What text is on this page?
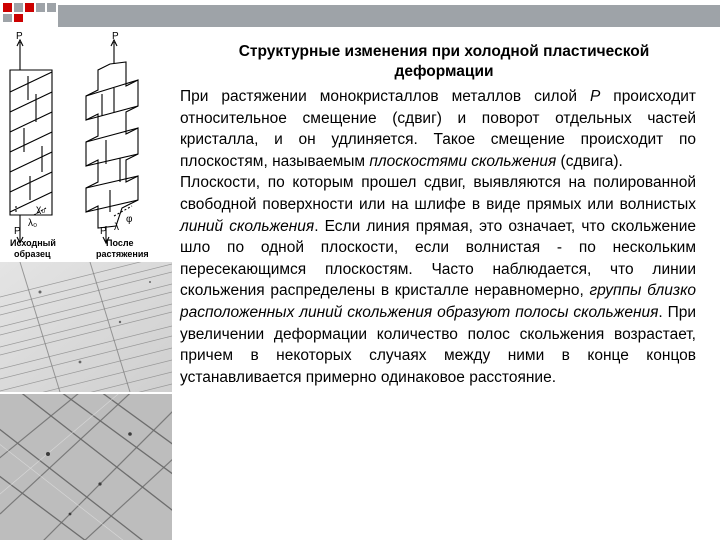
P	P
P	P
χ₀
λ₀	φ
λ
Исходный
образец
После
растяжения
Структурные изменения при холодной пластической деформации

При растяжении монокристаллов металлов силой P происходит относительное смещение (сдвиг) и поворот отдельных частей кристалла, и он удлиняется. Такое смещение происходит по плоскостям, называемым плоскостями скольжения (сдвига).

Плоскости, по которым прошел сдвиг, выявляются на полированной свободной поверхности или на шлифе в виде прямых или волнистых линий скольжения. Если линия прямая, это означает, что скольжение шло по одной плоскости, если волнистая - по нескольким пересекающимся плоскостям. Часто наблюдается, что линии скольжения распределены в кристалле неравномерно, группы близко расположенных линий скольжения образуют полосы скольжения. При увеличении деформации количество полос скольжения возрастает, причем в некоторых случаях между ними в конце концов устанавливается примерно одинаковое расстояние.
